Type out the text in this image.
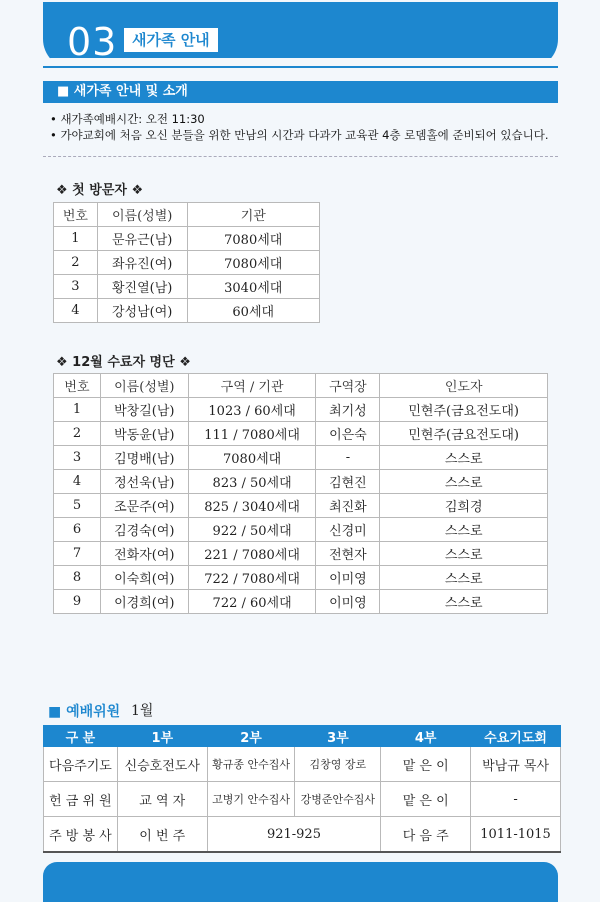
03 새가족 안내
■ 새가족 안내 및 소개
• 새가족예배시간: 오전 11:30
• 가야교회에 처음 오신 분들을 위한 만남의 시간과 다과가 교육관 4층 로뎀홀에 준비되어 있습니다.
❖ 첫 방문자 ❖
번호	이름(성별)	기관
1	문유근(남)	7080세대
2	좌유진(여)	7080세대
3	황진열(남)	3040세대
4	강성남(여)	60세대
❖ 12월 수료자 명단 ❖
번호	이름(성별)	구역 / 기관	구역장	인도자
1	박창길(남)	1023 / 60세대	최기성	민현주(금요전도대)
2	박동윤(남)	111 / 7080세대	이은숙	민현주(금요전도대)
3	김명배(남)	7080세대	-	스스로
4	정선욱(남)	823 / 50세대	김현진	스스로
5	조문주(여)	825 / 3040세대	최진화	김희경
6	김경숙(여)	922 / 50세대	신경미	스스로
7	전화자(여)	221 / 7080세대	전현자	스스로
8	이숙희(여)	722 / 7080세대	이미영	스스로
9	이경희(여)	722 / 60세대	이미영	스스로
■ 예배위원 1월
구 분	1부	2부	3부	4부	수요기도회
다음주기도	신승호전도사	황규종 안수집사	김창영 장로	맡 은 이	박남규 목사
헌 금 위 원	교 역 자	고병기 안수집사	강병준안수집사	맡 은 이	-
주 방 봉 사	이 번 주	921-925		다 음 주	1011-1015
